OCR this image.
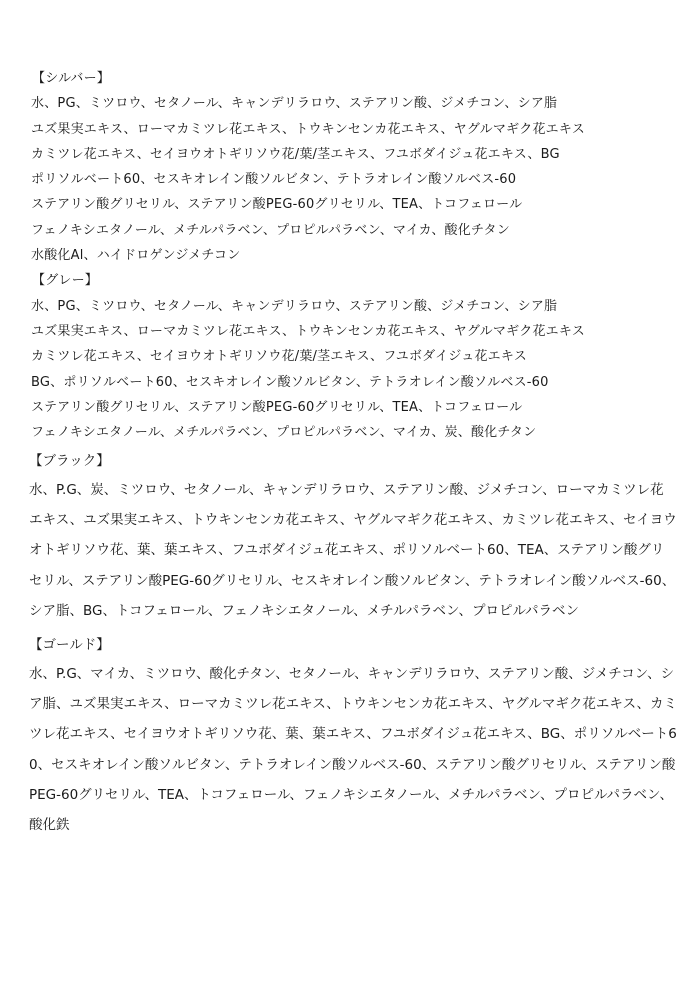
【シルバー】
水、PG、ミツロウ、セタノール、キャンデリラロウ、ステアリン酸、ジメチコン、シア脂
ユズ果実エキス、ローマカミツレ花エキス、トウキンセンカ花エキス、ヤグルマギク花エキス
カミツレ花エキス、セイヨウオトギリソウ花/葉/茎エキス、フユボダイジュ花エキス、BG
ポリソルベート60、セスキオレイン酸ソルビタン、テトラオレイン酸ソルベス-60
ステアリン酸グリセリル、ステアリン酸PEG-60グリセリル、TEA、トコフェロール
フェノキシエタノール、メチルパラベン、プロピルパラベン、マイカ、酸化チタン
水酸化Al、ハイドロゲンジメチコン
【グレー】
水、PG、ミツロウ、セタノール、キャンデリラロウ、ステアリン酸、ジメチコン、シア脂
ユズ果実エキス、ローマカミツレ花エキス、トウキンセンカ花エキス、ヤグルマギク花エキス
カミツレ花エキス、セイヨウオトギリソウ花/葉/茎エキス、フユボダイジュ花エキス
BG、ポリソルベート60、セスキオレイン酸ソルビタン、テトラオレイン酸ソルベス-60
ステアリン酸グリセリル、ステアリン酸PEG-60グリセリル、TEA、トコフェロール
フェノキシエタノール、メチルパラベン、プロピルパラベン、マイカ、炭、酸化チタン
【ブラック】
水、P.G、炭、ミツロウ、セタノール、キャンデリラロウ、ステアリン酸、ジメチコン、ローマカミツレ花エキス、ユズ果実エキス、トウキンセンカ花エキス、ヤグルマギク花エキス、カミツレ花エキス、セイヨウオトギリソウ花、葉、葉エキス、フユボダイジュ花エキス、ポリソルベート60、TEA、ステアリン酸グリセリル、ステアリン酸PEG-60グリセリル、セスキオレイン酸ソルビタン、テトラオレイン酸ソルベス-60、シア脂、BG、トコフェロール、フェノキシエタノール、メチルパラベン、プロピルパラベン
【ゴールド】
水、P.G、マイカ、ミツロウ、酸化チタン、セタノール、キャンデリラロウ、ステアリン酸、ジメチコン、シア脂、ユズ果実エキス、ローマカミツレ花エキス、トウキンセンカ花エキス、ヤグルマギク花エキス、カミツレ花エキス、セイヨウオトギリソウ花、葉、葉エキス、フユボダイジュ花エキス、BG、ポリソルベート60、セスキオレイン酸ソルビタン、テトラオレイン酸ソルベス-60、ステアリン酸グリセリル、ステアリン酸PEG-60グリセリル、TEA、トコフェロール、フェノキシエタノール、メチルパラベン、プロピルパラベン、酸化鉄
